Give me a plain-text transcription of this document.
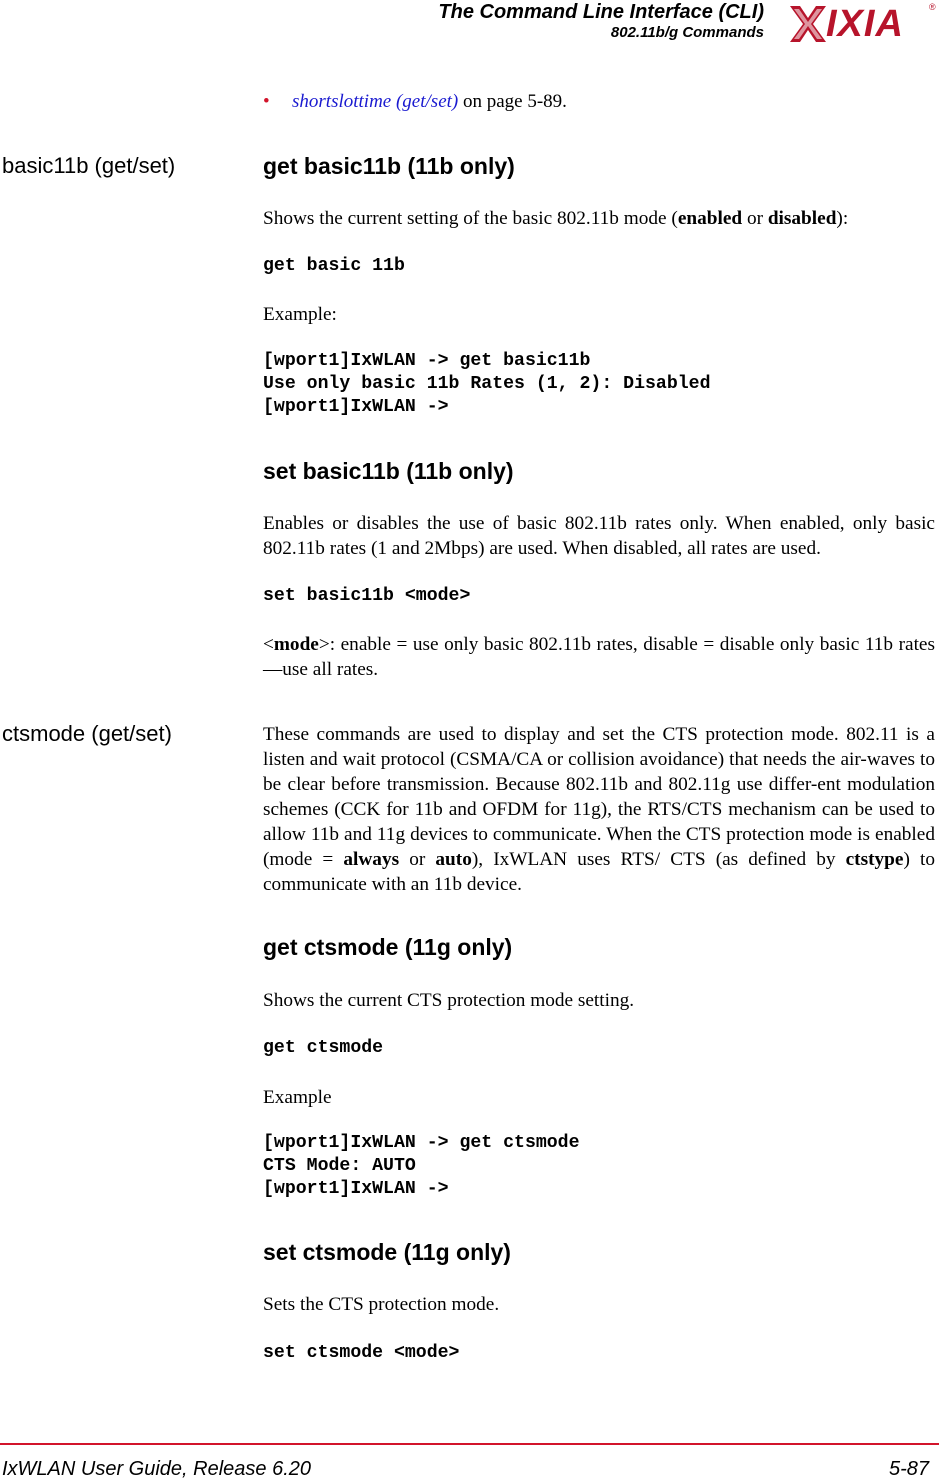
The Command Line Interface (CLI)
802.11b/g Commands IXIA	®
• shortslottime (get/set) on page 5-89.
basic11b (get/set)	get basic11b (11b only)

Shows the current setting of the basic 802.11b mode (enabled or disabled):

get basic 11b

Example:

[wport1]IxWLAN -> get basic11b
Use only basic 11b Rates (1, 2): Disabled
[wport1]IxWLAN ->
set basic11b (11b only)

Enables or disables the use of basic 802.11b rates only. When enabled, only basic 802.11b rates (1 and 2Mbps) are used. When disabled, all rates are used.

set basic11b <mode>

<mode>: enable = use only basic 802.11b rates, disable = disable only basic 11b rates—use all rates.

ctsmode (get/set)	These commands are used to display and set the CTS protection mode. 802.11 is a listen and wait protocol (CSMA/CA or collision avoidance) that needs the air-waves to be clear before transmission. Because 802.11b and 802.11g use differ-ent modulation schemes (CCK for 11b and OFDM for 11g), the RTS/CTS mechanism can be used to allow 11b and 11g devices to communicate. When the CTS protection mode is enabled (mode = always or auto), IxWLAN uses RTS/ CTS (as defined by ctstype) to communicate with an 11b device.

get ctsmode (11g only)

Shows the current CTS protection mode setting.

get ctsmode

Example

[wport1]IxWLAN -> get ctsmode
CTS Mode: AUTO
[wport1]IxWLAN ->
set ctsmode (11g only)

Sets the CTS protection mode.

set ctsmode <mode>
IxWLAN User Guide, Release 6.20	5-87
